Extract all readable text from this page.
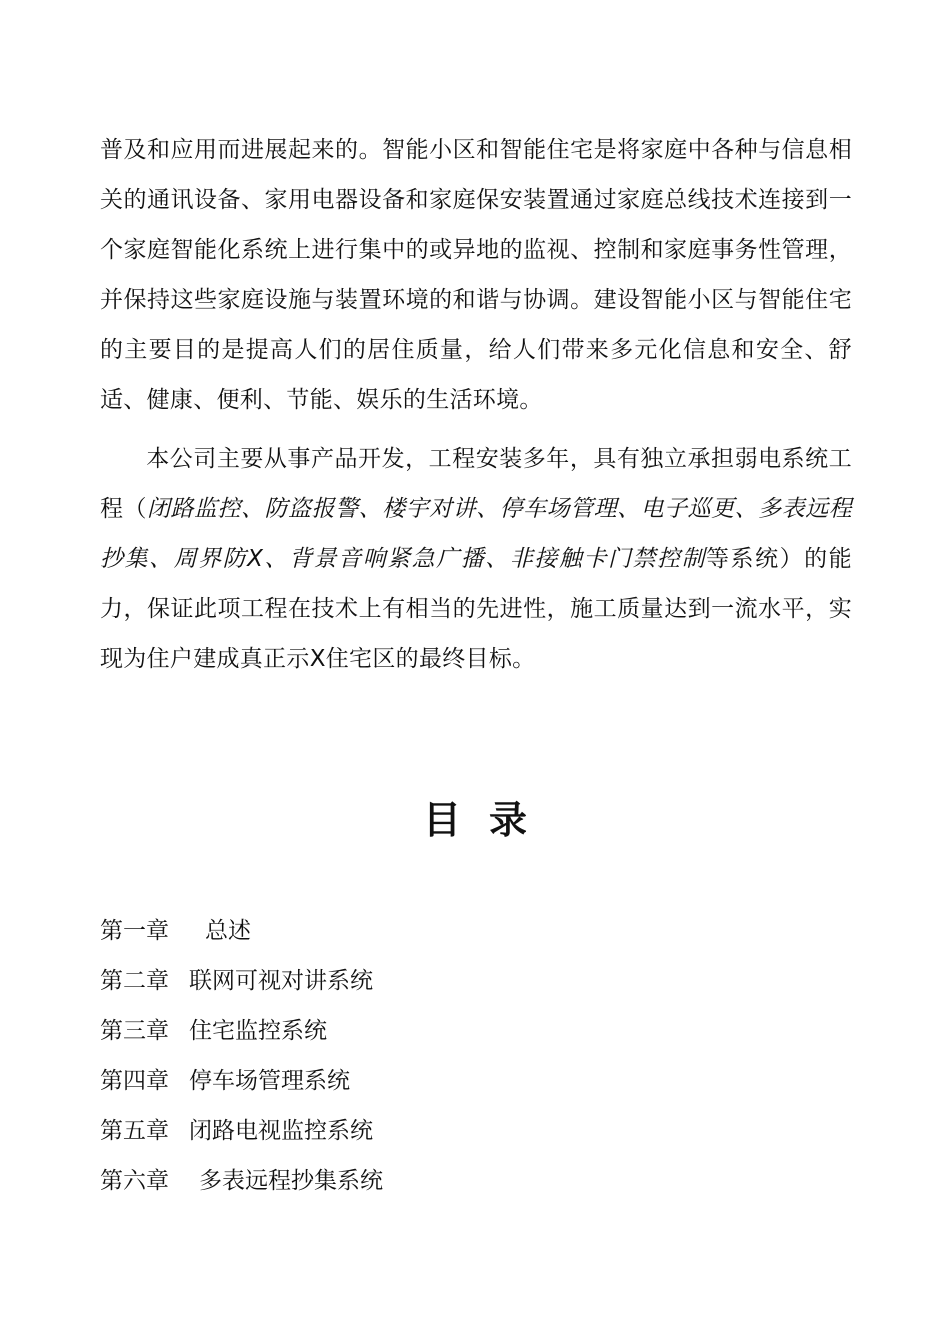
普及和应用而进展起来的。智能小区和智能住宅是将家庭中各种与信息相关的通讯设备、家用电器设备和家庭保安装置通过家庭总线技术连接到一个家庭智能化系统上进行集中的或异地的监视、控制和家庭事务性管理，并保持这些家庭设施与装置环境的和谐与协调。建设智能小区与智能住宅的主要目的是提高人们的居住质量，给人们带来多元化信息和安全、舒适、健康、便利、节能、娱乐的生活环境。

本公司主要从事产品开发，工程安装多年，具有独立承担弱电系统工程（闭路监控、防盗报警、楼宇对讲、停车场管理、电子巡更、多表远程抄集、周界防X、背景音响紧急广播、非接触卡门禁控制等系统）的能力，保证此项工程在技术上有相当的先进性，施工质量达到一流水平，实现为住户建成真正示X住宅区的最终目标。

目录
第一章 总述
第二章 联网可视对讲系统
第三章 住宅监控系统
第四章 停车场管理系统
第五章 闭路电视监控系统
第六章 多表远程抄集系统
